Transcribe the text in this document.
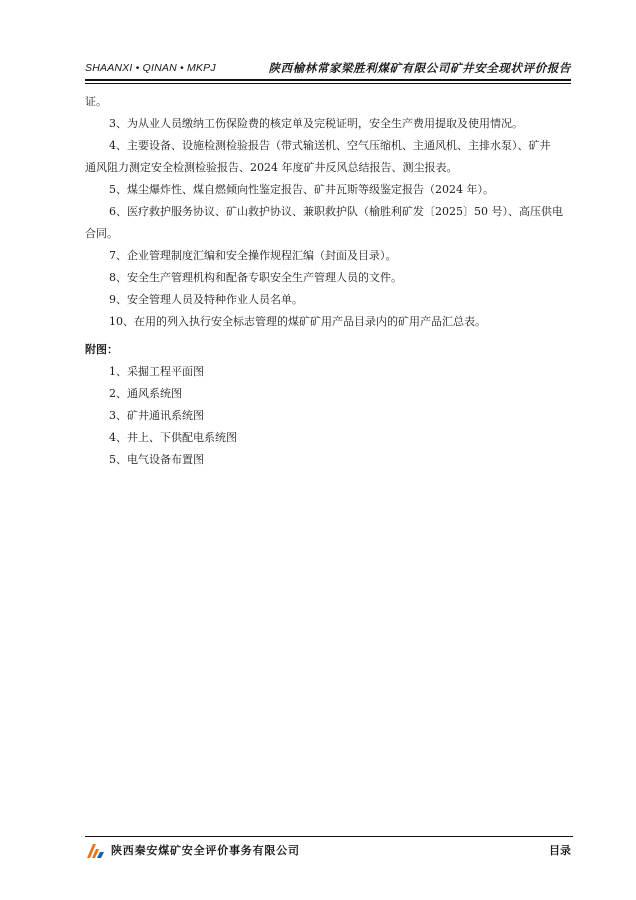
SHAANXI • QINAN • MKPJ	陕西榆林常家梁胜利煤矿有限公司矿井安全现状评价报告

证。

3、为从业人员缴纳工伤保险费的核定单及完税证明，安全生产费用提取及使用情况。

4、主要设备、设施检测检验报告（带式输送机、空气压缩机、主通风机、主排水泵）、矿井

通风阻力测定安全检测检验报告、2024 年度矿井反风总结报告、测尘报表。

5、煤尘爆炸性、煤自燃倾向性鉴定报告、矿井瓦斯等级鉴定报告（2024 年）。

6、医疗救护服务协议、矿山救护协议、兼职救护队（榆胜利矿发〔2025〕50 号）、高压供电

合同。

7、企业管理制度汇编和安全操作规程汇编（封面及目录）。

8、安全生产管理机构和配备专职安全生产管理人员的文件。

9、安全管理人员及特种作业人员名单。

10、在用的列入执行安全标志管理的煤矿矿用产品目录内的矿用产品汇总表。

附图：

1、采掘工程平面图

2、通风系统图

3、矿井通讯系统图

4、井上、下供配电系统图

5、电气设备布置图

陕西秦安煤矿安全评价事务有限公司	目录
